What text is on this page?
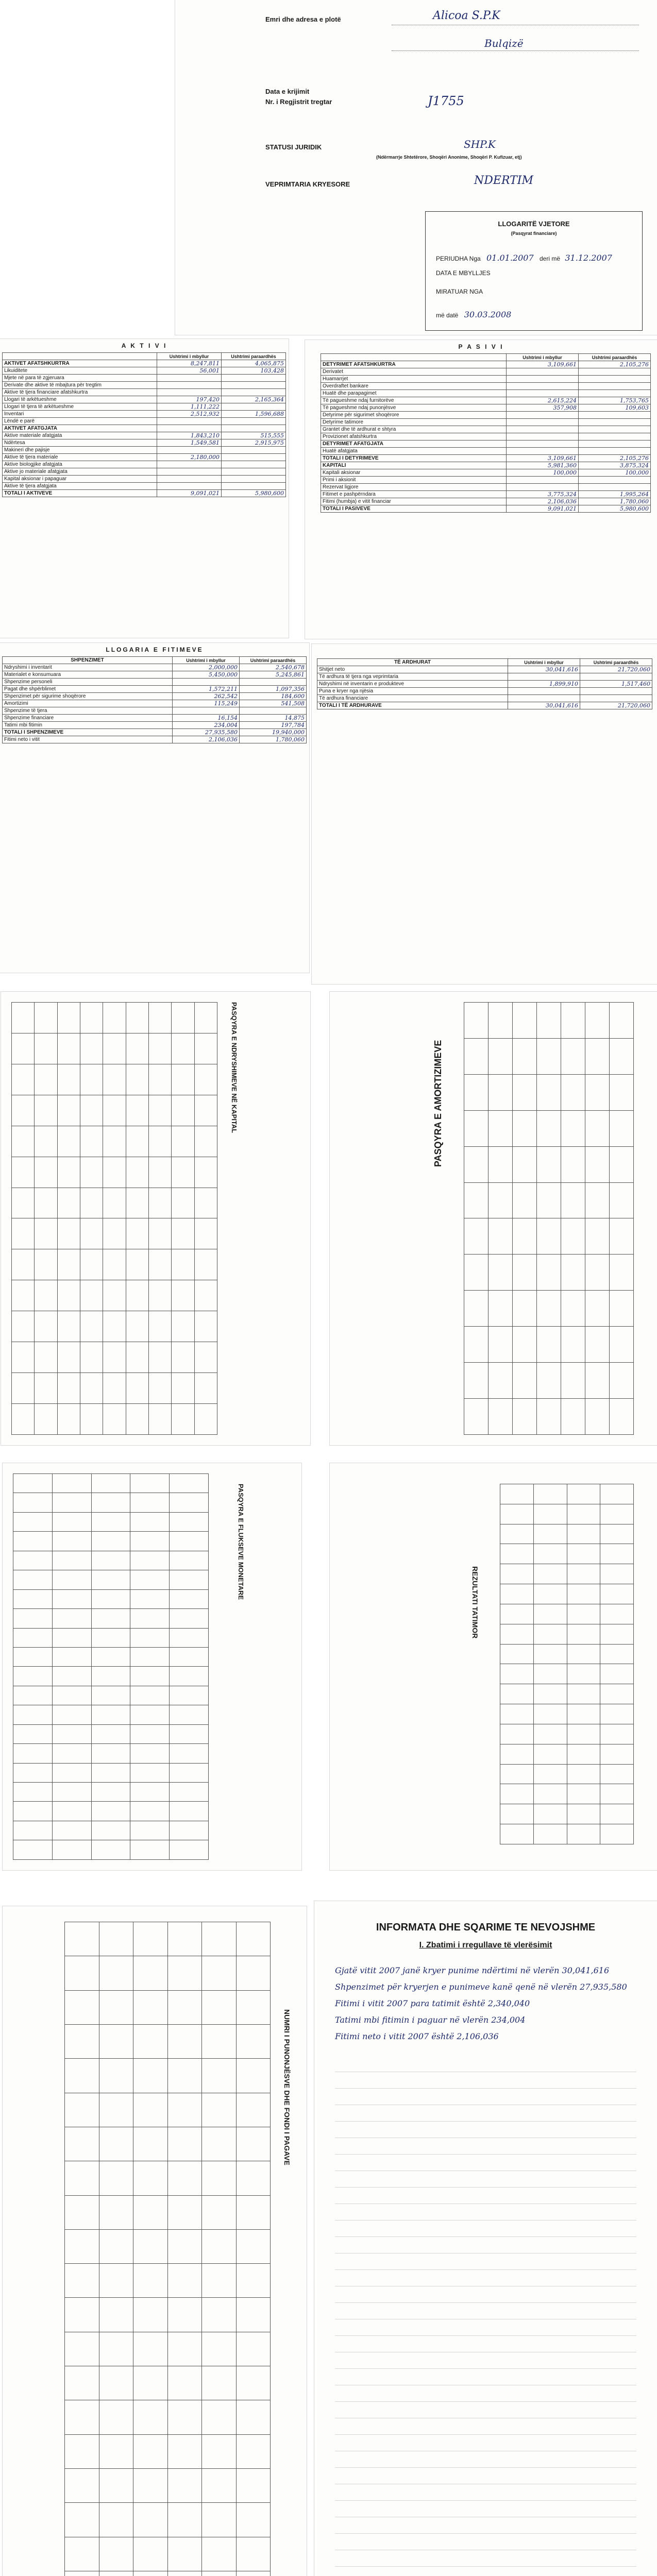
Emri dhe adresa e plotë	Alicoa S.P.K
Bulqizë
Data e krijimit
Nr. i Regjistrit tregtar	J1755
STATUSI JURIDIK	SHP.K
(Ndërmarrje Shtetërore, Shoqëri Anonime, Shoqëri P. Kufizuar, etj)
VEPRIMTARIA KRYESORE	NDERTIM
LLOGARITË VJETORE
(Pasqyrat financiare)
PERIUDHA Nga 01.01.2007 deri më 31.12.2007
DATA E MBYLLJES
MIRATUAR NGA
më datë 30.03.2008
A K T I V I
	Ushtrimi i mbyllur	Ushtrimi paraardhës
AKTIVET AFATSHKURTRA	8,247,811	4,065,875
Likuiditete	56,001	103,428
Mjete në para të zgjeruara		
Derivate dhe aktive të mbajtura për tregtim		
Aktive të tjera financiare afatshkurtra		
Llogari të arkëtueshme	197,420	2,165,364
Llogari të tjera të arkëtueshme	1,111,222	
Inventari	2,512,932	1,596,688
Lëndë e parë		
AKTIVET AFATGJATA		
Aktive materiale afatgjata	1,843,210	515,555
Ndërtesa	1,549,581	2,915,975
Makineri dhe pajisje		
Aktive të tjera materiale	2,180,000	
Aktive biologjike afatgjata		
Aktive jo materiale afatgjata		
Kapital aksionar i papaguar		
Aktive të tjera afatgjata		
TOTALI I AKTIVEVE	9,091,021	5,980,600
P A S I V I
	Ushtrimi i mbyllur	Ushtrimi paraardhës
DETYRIMET AFATSHKURTRA	3,109,661	2,105,276
Derivatet		
Huamarrjet		
Overdraftet bankare		
Huatë dhe parapagimet		
Të pagueshme ndaj furnitorëve	2,615,224	1,753,765
Të pagueshme ndaj punonjësve	357,908	109,603
Detyrime për sigurimet shoqërore		
Detyrime tatimore		
Grantet dhe të ardhurat e shtyra		
Provizionet afatshkurtra		
DETYRIMET AFATGJATA		
Huatë afatgjata		
TOTALI I DETYRIMEVE	3,109,661	2,105,276
KAPITALI	5,981,360	3,875,324
Kapitali aksionar	100,000	100,000
Primi i aksionit		
Rezervat ligjore		
Fitimet e pashpërndara	3,775,324	1,995,264
Fitimi (humbja) e vitit financiar	2,106,036	1,780,060
TOTALI I PASIVEVE	9,091,021	5,980,600
LLOGARIA E FITIMEVE
SHPENZIMET	Ushtrimi i mbyllur	Ushtrimi paraardhës
Ndryshimi i inventarit	2,000,000	2,540,678
Materialet e konsumuara	5,450,000	5,245,861
Shpenzime personeli		
Pagat dhe shpërblimet	1,572,211	1,097,356
Shpenzimet për sigurime shoqërore	262,542	184,600
Amortizimi	115,249	541,508
Shpenzime të tjera		
Shpenzime financiare	16,154	14,875
Tatimi mbi fitimin	234,004	197,784
TOTALI I SHPENZIMEVE	27,935,580	19,940,000
Fitimi neto i vitit	2,106,036	1,780,060
TË ARDHURAT	Ushtrimi i mbyllur	Ushtrimi paraardhës
Shitjet neto	30,041,616	21,720,060
Të ardhura të tjera nga veprimtaria		
Ndryshimi në inventarin e produkteve	1,899,910	1,517,460
Puna e kryer nga njësia		
Të ardhura financiare		
TOTALI I TË ARDHURAVE	30,041,616	21,720,060
PASQYRA E NDRYSHIMEVE NË KAPITAL

									PASQYRA E AMORTIZIMEVE

PASQYRA E FLUKSEVE MONETARE

REZULTATI TATIMOR

NUMRI I PUNONJËSVE DHE FONDI I PAGAVE

INFORMATA DHE SQARIME TE NEVOJSHME
I. Zbatimi i rregullave të vlerësimit
Gjatë vitit 2007 janë kryer punime ndërtimi në vlerën 30,041,616
Shpenzimet për kryerjen e punimeve kanë qenë në vlerën 27,935,580
Fitimi i vitit 2007 para tatimit është 2,340,040
Tatimi mbi fitimin i paguar në vlerën 234,004
Fitimi neto i vitit 2007 është 2,106,036
